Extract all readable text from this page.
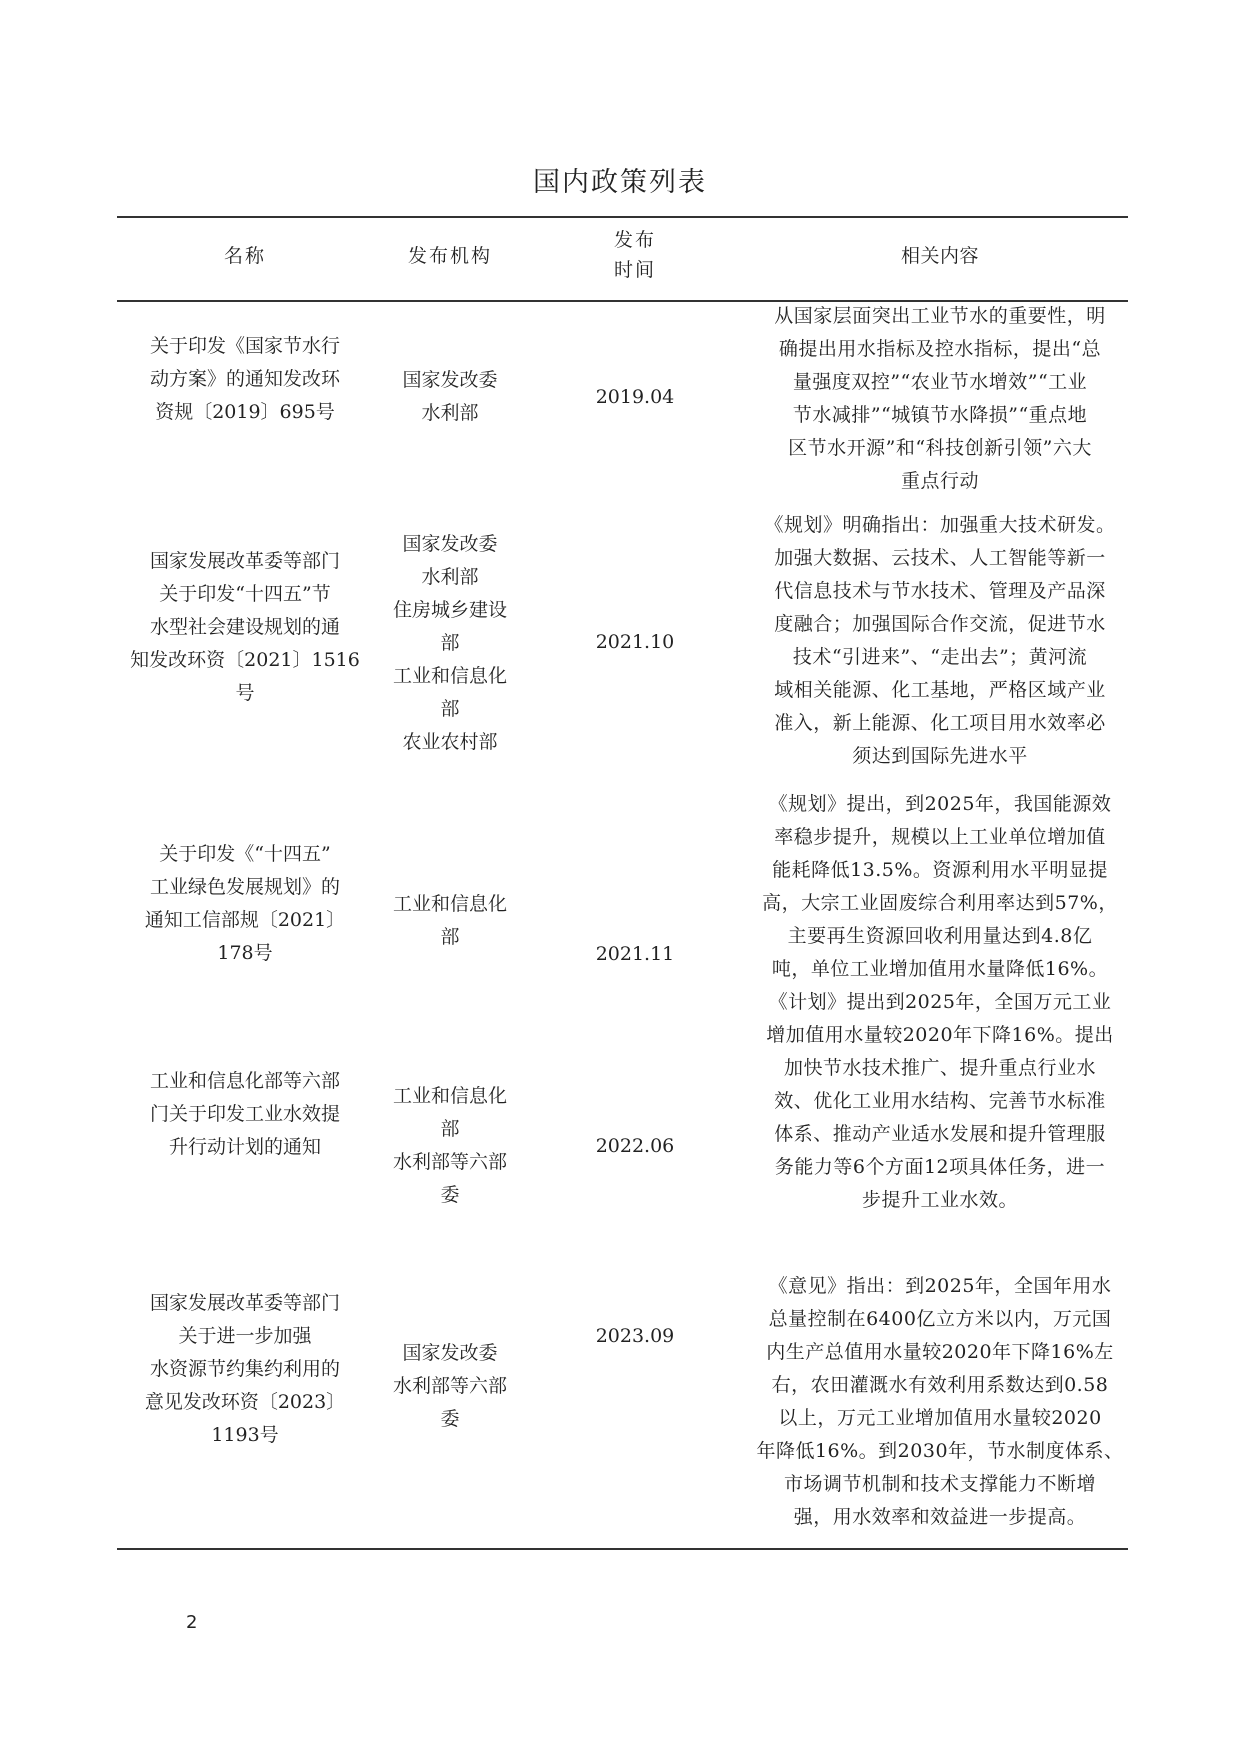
国内政策列表
名称	发布机构
发布
时间
相关内容
关于印发《国家节水行
动方案》的通知发改环
资规〔2019〕695号
国家发改委
水利部
2019.04
从国家层面突出工业节水的重要性，明
确提出用水指标及控水指标，提出“总
量强度双控”“农业节水增效”“工业
节水减排”“城镇节水降损”“重点地
区节水开源”和“科技创新引领”六大
重点行动
国家发展改革委等部门
关于印发“十四五”节
水型社会建设规划的通
知发改环资〔2021〕1516
号
国家发改委
水利部
住房城乡建设
部
工业和信息化
部
农业农村部
2021.10
《规划》明确指出：加强重大技术研发。
加强大数据、云技术、人工智能等新一
代信息技术与节水技术、管理及产品深
度融合；加强国际合作交流，促进节水
技术“引进来”、“走出去”；黄河流
域相关能源、化工基地，严格区域产业
准入，新上能源、化工项目用水效率必
须达到国际先进水平
关于印发《“十四五”
工业绿色发展规划》的
通知工信部规〔2021〕
178号
工业和信息化
部
2021.11
《规划》提出，到2025年，我国能源效
率稳步提升，规模以上工业单位增加值
能耗降低13.5%。资源利用水平明显提
高，大宗工业固废综合利用率达到57%，
主要再生资源回收利用量达到4.8亿
吨，单位工业增加值用水量降低16%。
工业和信息化部等六部
门关于印发工业水效提
升行动计划的通知
工业和信息化
部
水利部等六部
委
2022.06
《计划》提出到2025年，全国万元工业
增加值用水量较2020年下降16%。提出
加快节水技术推广、提升重点行业水
效、优化工业用水结构、完善节水标准
体系、推动产业适水发展和提升管理服
务能力等6个方面12项具体任务，进一
步提升工业水效。
国家发展改革委等部门
关于进一步加强
水资源节约集约利用的
意见发改环资〔2023〕
1193号
国家发改委
水利部等六部
委
2023.09
《意见》指出：到2025年，全国年用水
总量控制在6400亿立方米以内，万元国
内生产总值用水量较2020年下降16%左
右，农田灌溉水有效利用系数达到0.58
以上，万元工业增加值用水量较2020
年降低16%。到2030年，节水制度体系、
市场调节机制和技术支撑能力不断增
强，用水效率和效益进一步提高。
2
